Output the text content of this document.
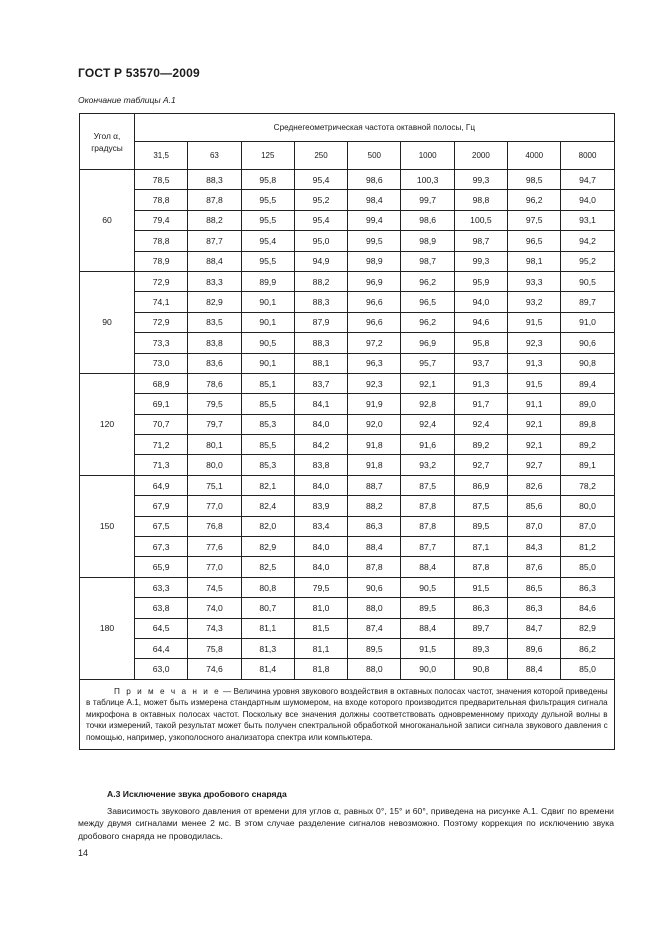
ГОСТ Р 53570—2009
Окончание таблицы А.1
Угол α, градусы	Среднегеометрическая частота октавной полосы, Гц								
	31,5	63	125	250	500	1000	2000	4000	8000
60	78,5	88,3	95,8	95,4	98,6	100,3	99,3	98,5	94,7
	78,8	87,8	95,5	95,2	98,4	99,7	98,8	96,2	94,0
	79,4	88,2	95,5	95,4	99,4	98,6	100,5	97,5	93,1
	78,8	87,7	95,4	95,0	99,5	98,9	98,7	96,5	94,2
	78,9	88,4	95,5	94,9	98,9	98,7	99,3	98,1	95,2
90	72,9	83,3	89,9	88,2	96,9	96,2	95,9	93,3	90,5
	74,1	82,9	90,1	88,3	96,6	96,5	94,0	93,2	89,7
	72,9	83,5	90,1	87,9	96,6	96,2	94,6	91,5	91,0
	73,3	83,8	90,5	88,3	97,2	96,9	95,8	92,3	90,6
	73,0	83,6	90,1	88,1	96,3	95,7	93,7	91,3	90,8
120	68,9	78,6	85,1	83,7	92,3	92,1	91,3	91,5	89,4
	69,1	79,5	85,5	84,1	91,9	92,8	91,7	91,1	89,0
	70,7	79,7	85,3	84,0	92,0	92,4	92,4	92,1	89,8
	71,2	80,1	85,5	84,2	91,8	91,6	89,2	92,1	89,2
	71,3	80,0	85,3	83,8	91,8	93,2	92,7	92,7	89,1
150	64,9	75,1	82,1	84,0	88,7	87,5	86,9	82,6	78,2
	67,9	77,0	82,4	83,9	88,2	87,8	87,5	85,6	80,0
	67,5	76,8	82,0	83,4	86,3	87,8	89,5	87,0	87,0
	67,3	77,6	82,9	84,0	88,4	87,7	87,1	84,3	81,2
	65,9	77,0	82,5	84,0	87,8	88,4	87,8	87,6	85,0
180	63,3	74,5	80,8	79,5	90,6	90,5	91,5	86,5	86,3
	63,8	74,0	80,7	81,0	88,0	89,5	86,3	86,3	84,6
	64,5	74,3	81,1	81,5	87,4	88,4	89,7	84,7	82,9
	64,4	75,8	81,3	81,1	89,5	91,5	89,3	89,6	86,2
	63,0	74,6	81,4	81,8	88,0	90,0	90,8	88,4	85,0
П р и м е ч а н и е — Величина уровня звукового воздействия в октавных полосах частот, значения которой приведены в таблице А.1, может быть измерена стандартным шумомером, на входе которого производится предварительная фильтрация сигнала микрофона в октавных полосах частот. Поскольку все значения должны соответствовать одновременному приходу дульной волны в точки измерений, такой результат может быть получен спектральной обработкой многоканальной записи сигнала звукового давления с помощью, например, узкополосного анализатора спектра или компьютера.									
А.3 Исключение звука дробового снаряда
Зависимость звукового давления от времени для углов α, равных 0°, 15° и 60°, приведена на рисунке А.1. Сдвиг по времени между двумя сигналами менее 2 мс. В этом случае разделение сигналов невозможно. Поэтому коррекция по исключению звука дробового снаряда не проводилась.
14
